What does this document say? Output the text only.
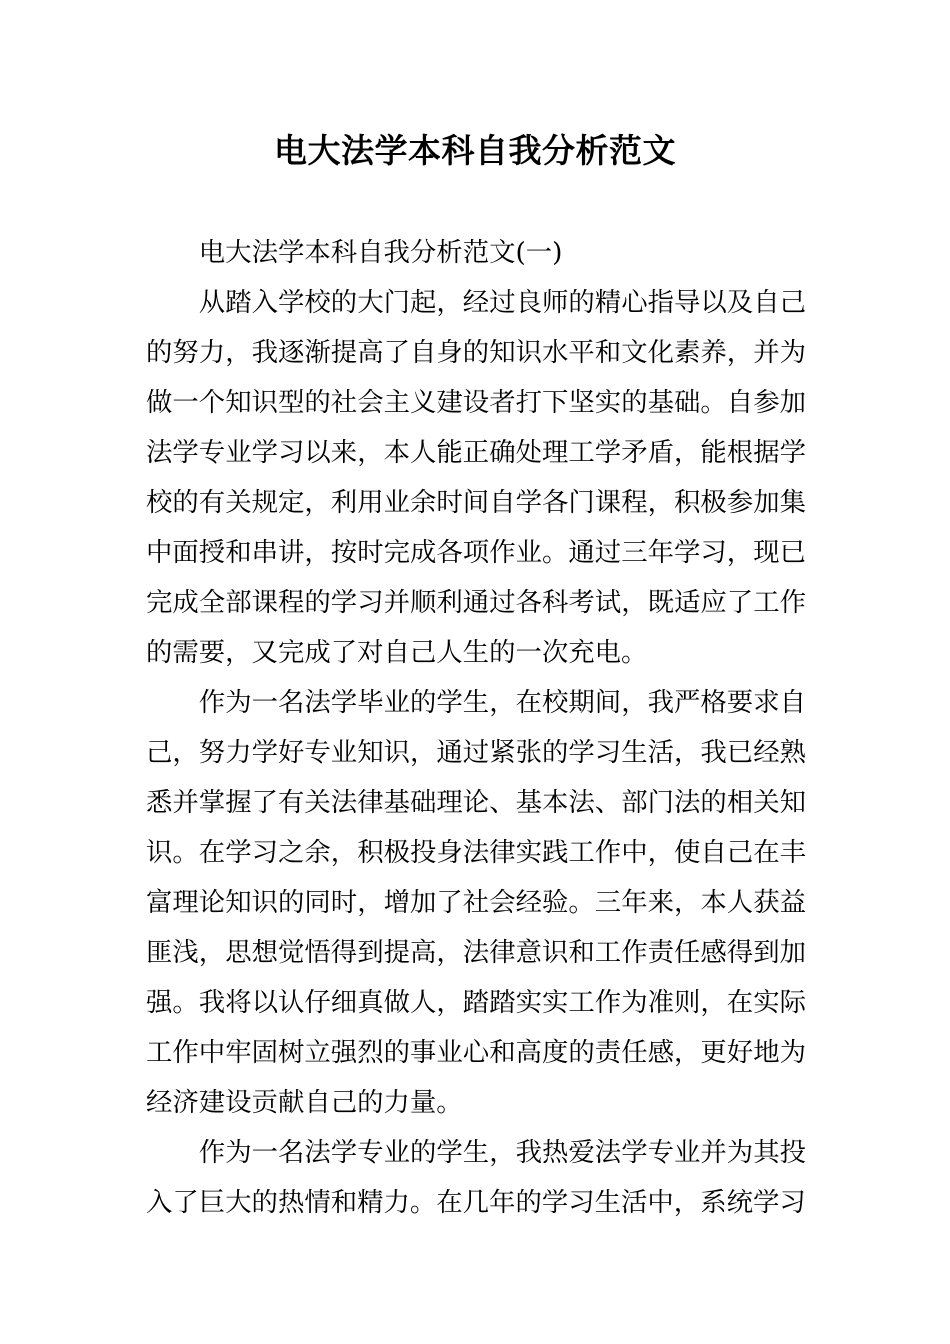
电大法学本科自我分析范文

电大法学本科自我分析范文(一)

从踏入学校的大门起，经过良师的精心指导以及自己的努力，我逐渐提高了自身的知识水平和文化素养，并为做一个知识型的社会主义建设者打下坚实的基础。自参加法学专业学习以来，本人能正确处理工学矛盾，能根据学校的有关规定，利用业余时间自学各门课程，积极参加集中面授和串讲，按时完成各项作业。通过三年学习，现已完成全部课程的学习并顺利通过各科考试，既适应了工作的需要，又完成了对自己人生的一次充电。

作为一名法学毕业的学生，在校期间，我严格要求自己，努力学好专业知识，通过紧张的学习生活，我已经熟悉并掌握了有关法律基础理论、基本法、部门法的相关知识。在学习之余，积极投身法律实践工作中，使自己在丰富理论知识的同时，增加了社会经验。三年来，本人获益匪浅，思想觉悟得到提高，法律意识和工作责任感得到加强。我将以认仔细真做人，踏踏实实工作为准则，在实际工作中牢固树立强烈的事业心和高度的责任感，更好地为经济建设贡献自己的力量。

作为一名法学专业的学生，我热爱法学专业并为其投入了巨大的热情和精力。在几年的学习生活中，系统学习
